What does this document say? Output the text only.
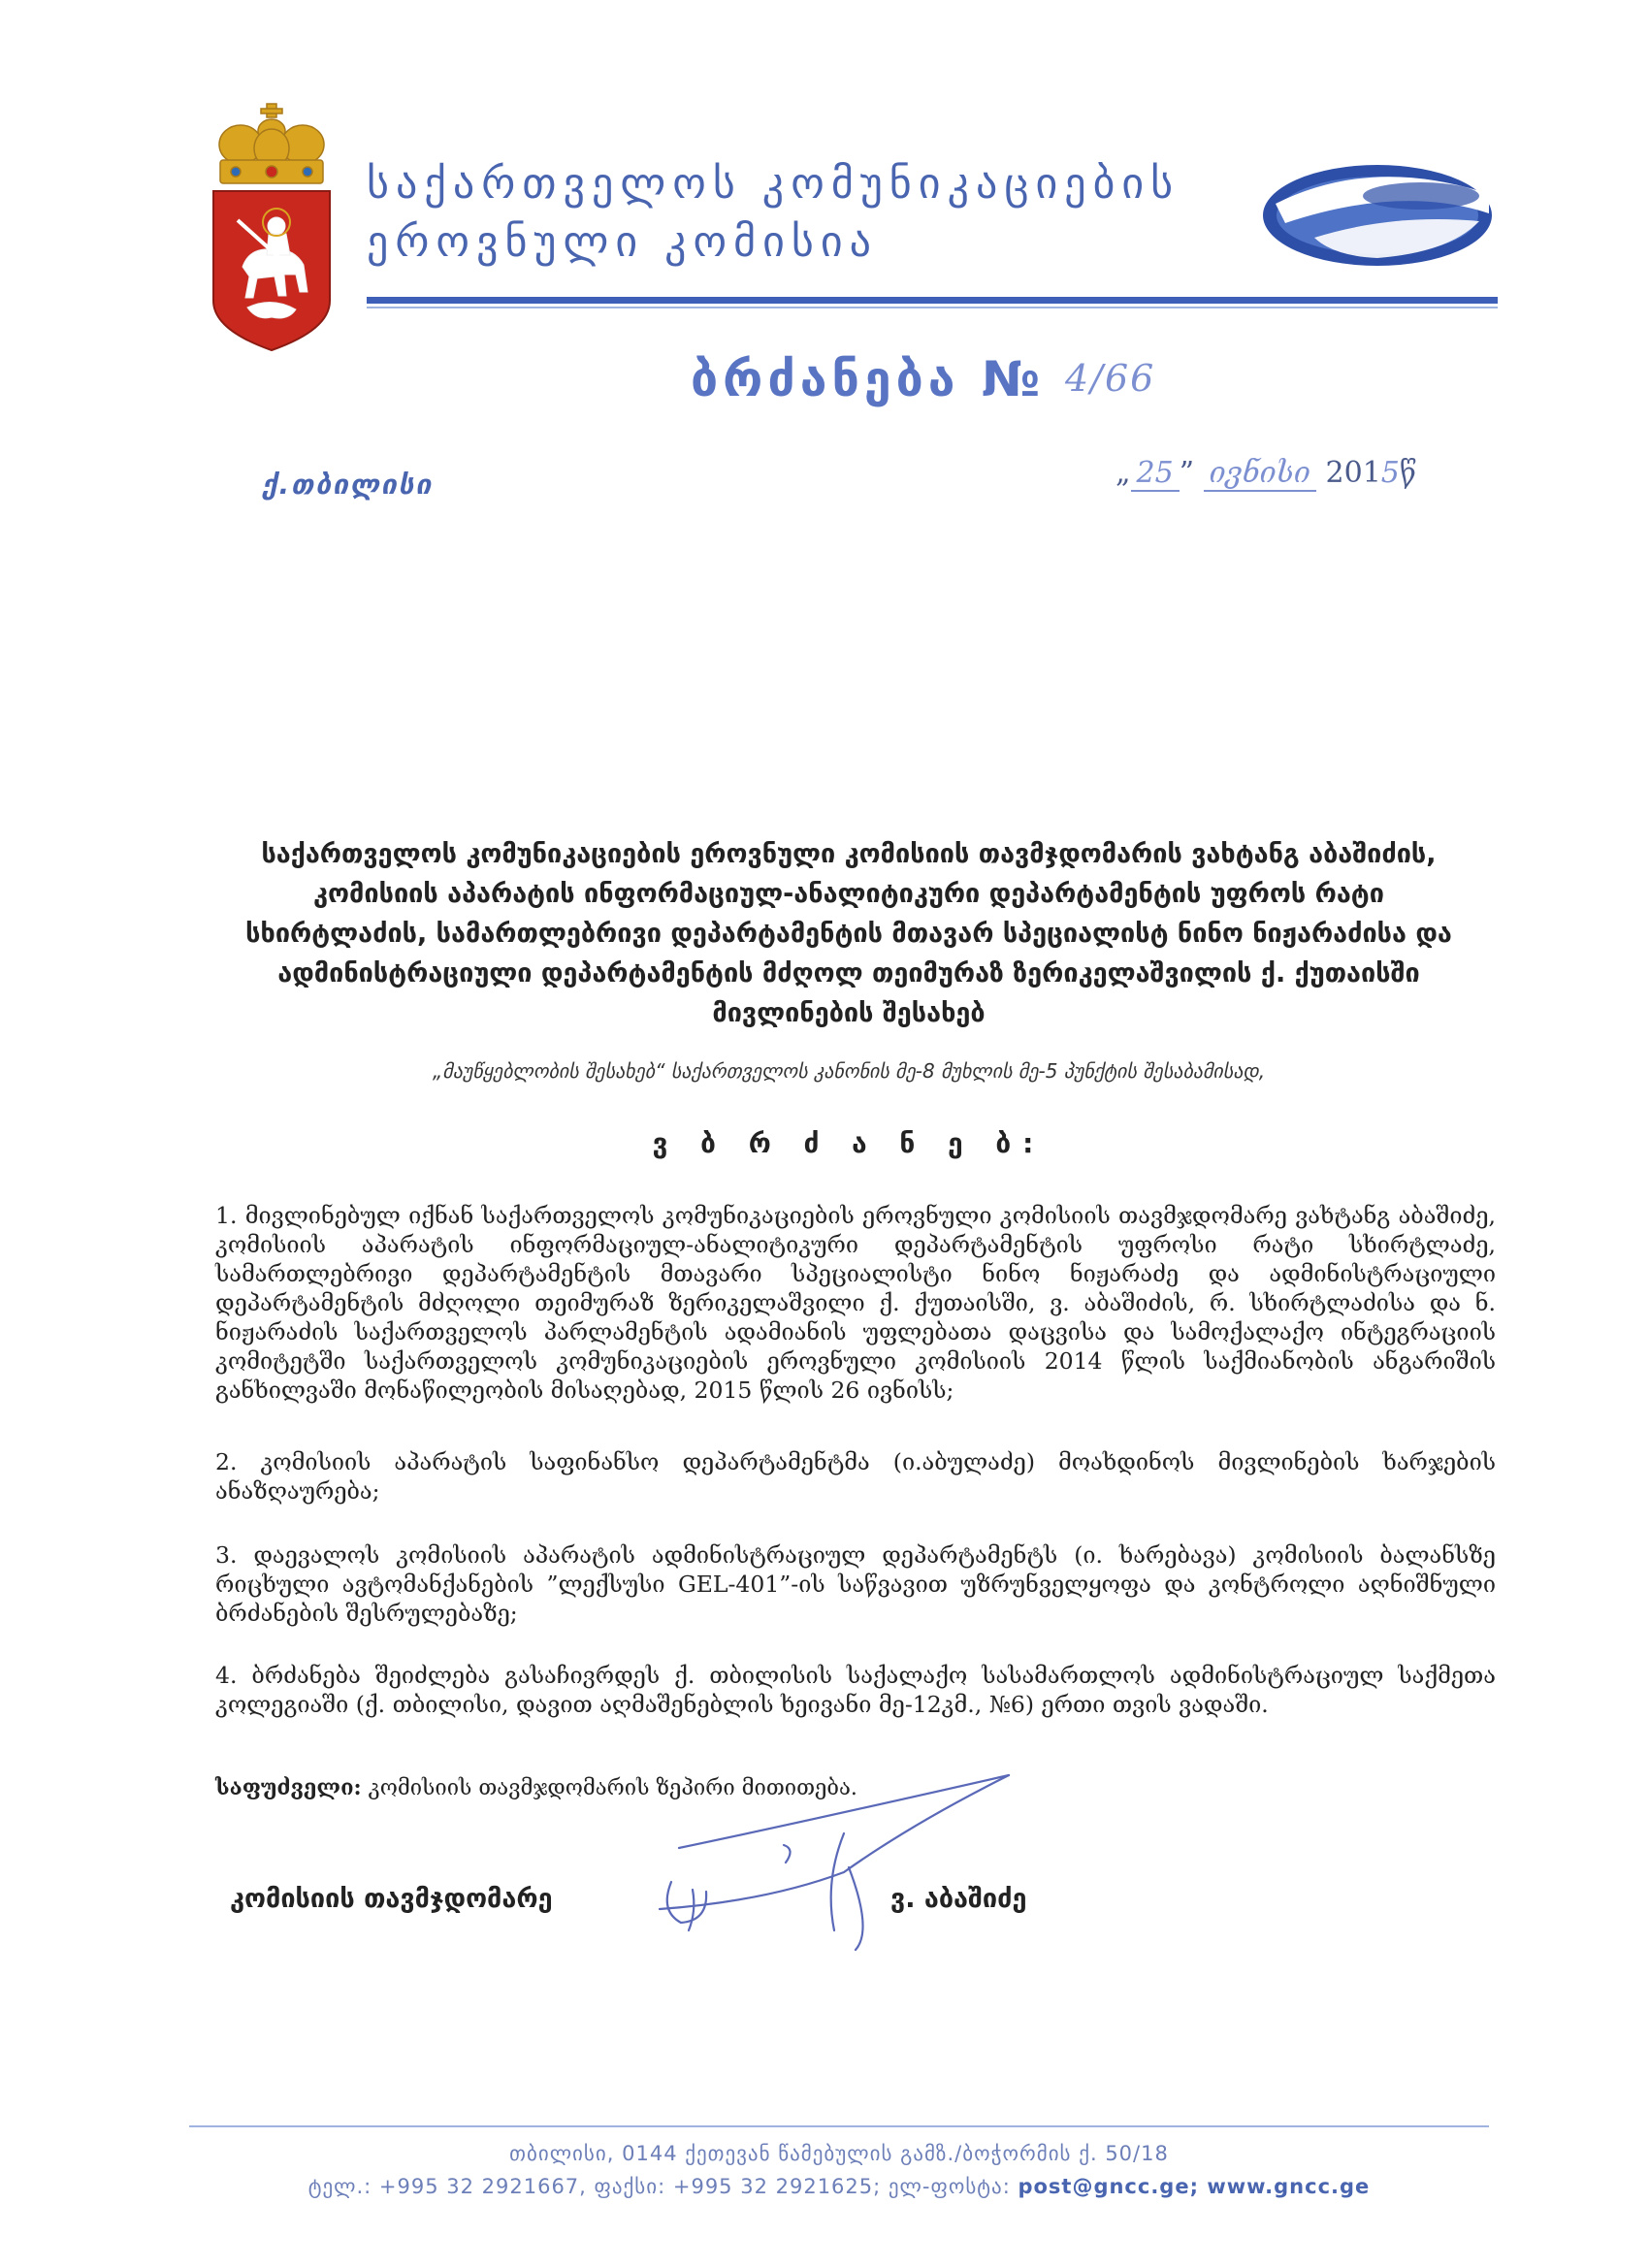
საქართველოს კომუნიკაციების
ეროვნული კომისია
ბრძანება № 4/66
ქ.თბილისი	„ 25 ” ივნისი 2015წ
საქართველოს კომუნიკაციების ეროვნული კომისიის თავმჯდომარის ვახტანგ აბაშიძის, კომისიის აპარატის ინფორმაციულ-ანალიტიკური დეპარტამენტის უფროს რატი სხირტლაძის, სამართლებრივი დეპარტამენტის მთავარ სპეციალისტ ნინო ნიჟარაძისა და ადმინისტრაციული დეპარტამენტის მძღოლ თეიმურაზ ზერიკელაშვილის ქ. ქუთაისში მივლინების შესახებ
„მაუწყებლობის შესახებ“ საქართველოს კანონის მე-8 მუხლის მე-5 პუნქტის შესაბამისად,
ვ ბ რ ძ ა ნ ე ბ:
1. მივლინებულ იქნან საქართველოს კომუნიკაციების ეროვნული კომისიის თავმჯდომარე ვახტანგ აბაშიძე, კომისიის აპარატის ინფორმაციულ-ანალიტიკური დეპარტამენტის უფროსი რატი სხირტლაძე, სამართლებრივი დეპარტამენტის მთავარი სპეციალისტი ნინო ნიჟარაძე და ადმინისტრაციული დეპარტამენტის მძღოლი თეიმურაზ ზერიკელაშვილი ქ. ქუთაისში, ვ. აბაშიძის, რ. სხირტლაძისა და ნ. ნიჟარაძის საქართველოს პარლამენტის ადამიანის უფლებათა დაცვისა და სამოქალაქო ინტეგრაციის კომიტეტში საქართველოს კომუნიკაციების ეროვნული კომისიის 2014 წლის საქმიანობის ანგარიშის განხილვაში მონაწილეობის მისაღებად, 2015 წლის 26 ივნისს;
2. კომისიის აპარატის საფინანსო დეპარტამენტმა (ი.აბულაძე) მოახდინოს მივლინების ხარჯების ანაზღაურება;
3. დაევალოს კომისიის აპარატის ადმინისტრაციულ დეპარტამენტს (ი. ხარებავა) კომისიის ბალანსზე რიცხული ავტომანქანების ”ლექსუსი GEL-401”-ის საწვავით უზრუნველყოფა და კონტროლი აღნიშნული ბრძანების შესრულებაზე;
4. ბრძანება შეიძლება გასაჩივრდეს ქ. თბილისის საქალაქო სასამართლოს ადმინისტრაციულ საქმეთა კოლეგიაში (ქ. თბილისი, დავით აღმაშენებლის ხეივანი მე-12კმ., №6) ერთი თვის ვადაში.
საფუძველი: კომისიის თავმჯდომარის ზეპირი მითითება.
კომისიის თავმჯდომარე	ვ. აბაშიძე
თბილისი, 0144 ქეთევან წამებულის გამზ./ბოჭორმის ქ. 50/18
ტელ.: +995 32 2921667, ფაქსი: +995 32 2921625; ელ-ფოსტა: post@gncc.ge; www.gncc.ge
